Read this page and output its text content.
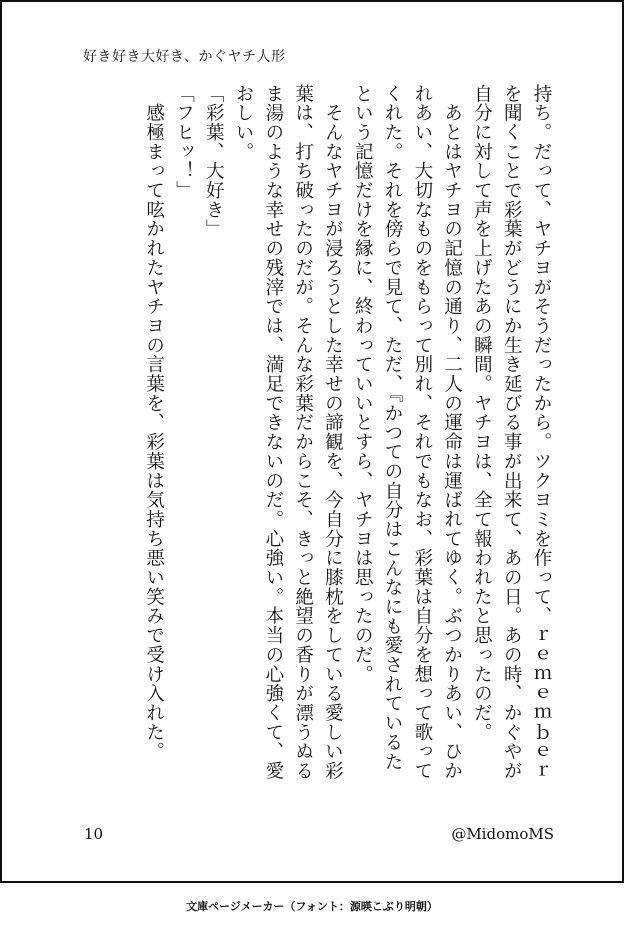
好き好き大好き、かぐヤチ人形

持ち。だって、ヤチヨがそうだったから。ツクヨミを作って、ｒｅｍｅｍｂｅｒを聞くことで彩葉がどうにか生き延びる事が出来て、あの日。あの時、かぐやが自分に対して声を上げたあの瞬間。ヤチヨは、全て報われたと思ったのだ。

　あとはヤチヨの記憶の通り、二人の運命は運ばれてゆく。ぶつかりあい、ひかれあい、大切なものをもらって別れ、それでもなお、彩葉は自分を想って歌ってくれた。それを傍らで見て、ただ、『かつての自分はこんなにも愛されているたという記憶だけを縁に、終わっていいとすら、ヤチヨは思ったのだ。

　そんなヤチヨが浸ろうとした幸せの諦観を、今自分に膝枕をしている愛しい彩葉は、打ち破ったのだが。そんな彩葉だからこそ、きっと絶望の香りが漂うぬるま湯のような幸せの残滓では、満足できないのだ。心強い。本当の心強くて、愛おしい。

「彩葉、大好き」

「フヒッ！」

　感極まって呟かれたヤチヨの言葉を、彩葉は気持ち悪い笑みで受け入れた。

10	@MidomoMS
文庫ページメーカー（フォント：源暎こぶり明朝）
